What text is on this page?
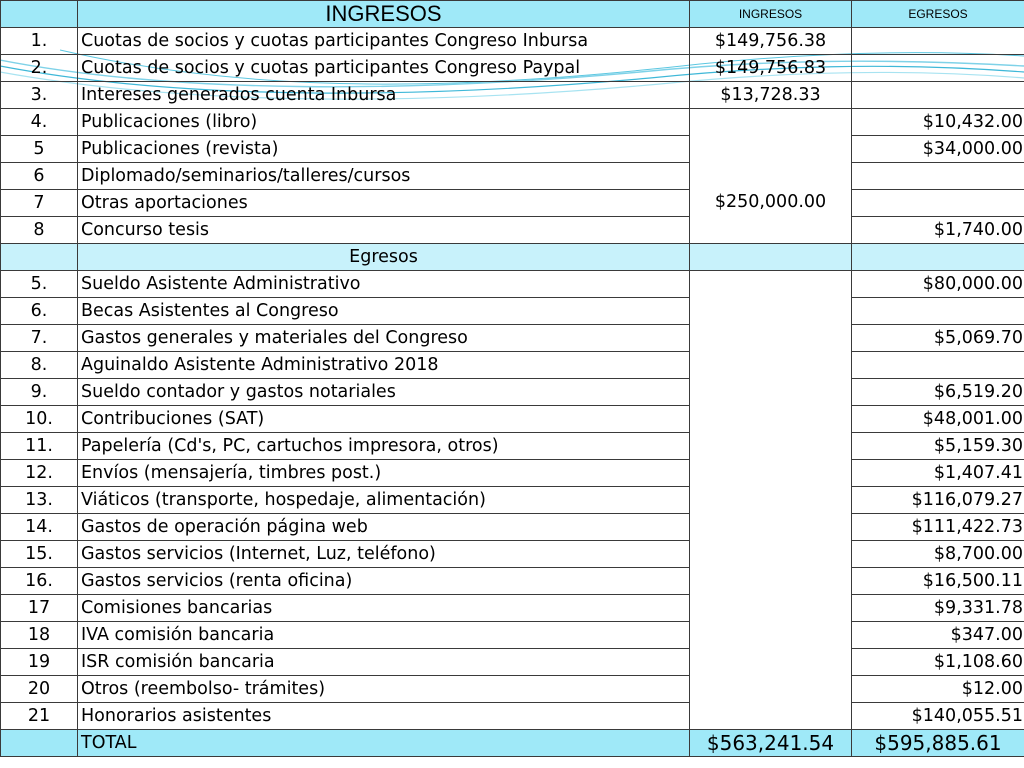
	INGRESOS	INGRESOS	EGRESOS
1.	Cuotas de socios y cuotas participantes Congreso Inbursa	$149,756.38	
2.	Cuotas de socios y cuotas participantes Congreso Paypal	$149,756.83	
3.	Intereses generados cuenta Inbursa	$13,728.33	
4.	Publicaciones (libro)	$250,000.00	$10,432.00
5	Publicaciones (revista)		$34,000.00
6	Diplomado/seminarios/talleres/cursos		
7	Otras aportaciones		
8	Concurso tesis		$1,740.00
	Egresos		
5.	Sueldo Asistente Administrativo		$80,000.00
6.	Becas Asistentes al Congreso		
7.	Gastos generales y materiales del Congreso		$5,069.70
8.	Aguinaldo Asistente Administrativo 2018		
9.	Sueldo contador y gastos notariales		$6,519.20
10.	Contribuciones (SAT)		$48,001.00
11.	Papelería (Cd's, PC, cartuchos impresora, otros)		$5,159.30
12.	Envíos (mensajería, timbres post.)		$1,407.41
13.	Viáticos (transporte, hospedaje, alimentación)		$116,079.27
14.	Gastos de operación página web		$111,422.73
15.	Gastos servicios (Internet, Luz, teléfono)		$8,700.00
16.	Gastos servicios (renta oficina)		$16,500.11
17	Comisiones bancarias		$9,331.78
18	IVA comisión bancaria		$347.00
19	ISR comisión bancaria		$1,108.60
20	Otros (reembolso- trámites)		$12.00
21	Honorarios asistentes		$140,055.51
	TOTAL	$563,241.54	$595,885.61
